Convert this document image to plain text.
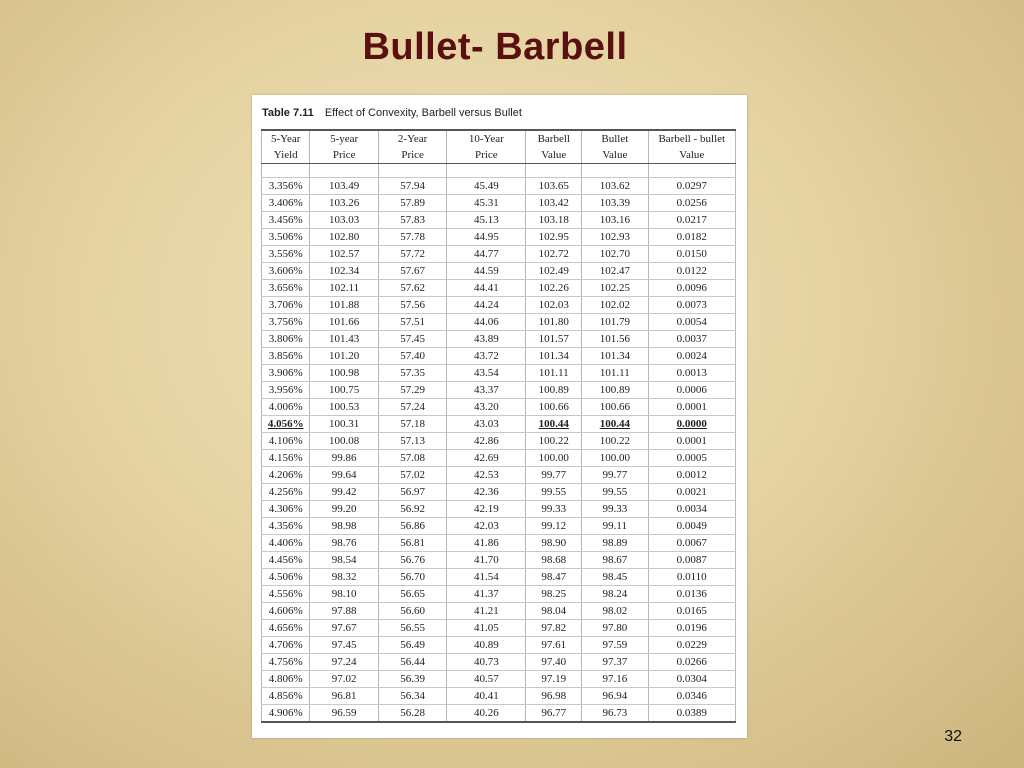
Bullet- Barbell
Table 7.11 Effect of Convexity, Barbell versus Bullet
5-Year	5-year	2-Year	10-Year	Barbell	Bullet	Barbell - bullet
Yield	Price	Price	Price	Value	Value	Value

3.356%	103.49	57.94	45.49	103.65	103.62	0.0297
3.406%	103.26	57.89	45.31	103.42	103.39	0.0256
3.456%	103.03	57.83	45.13	103.18	103.16	0.0217
3.506%	102.80	57.78	44.95	102.95	102.93	0.0182
3.556%	102.57	57.72	44.77	102.72	102.70	0.0150
3.606%	102.34	57.67	44.59	102.49	102.47	0.0122
3.656%	102.11	57.62	44.41	102.26	102.25	0.0096
3.706%	101.88	57.56	44.24	102.03	102.02	0.0073
3.756%	101.66	57.51	44.06	101.80	101.79	0.0054
3.806%	101.43	57.45	43.89	101.57	101.56	0.0037
3.856%	101.20	57.40	43.72	101.34	101.34	0.0024
3.906%	100.98	57.35	43.54	101.11	101.11	0.0013
3.956%	100.75	57.29	43.37	100.89	100.89	0.0006
4.006%	100.53	57.24	43.20	100.66	100.66	0.0001
4.056%	100.31	57.18	43.03	100.44	100.44	0.0000
4.106%	100.08	57.13	42.86	100.22	100.22	0.0001
4.156%	99.86	57.08	42.69	100.00	100.00	0.0005
4.206%	99.64	57.02	42.53	99.77	99.77	0.0012
4.256%	99.42	56.97	42.36	99.55	99.55	0.0021
4.306%	99.20	56.92	42.19	99.33	99.33	0.0034
4.356%	98.98	56.86	42.03	99.12	99.11	0.0049
4.406%	98.76	56.81	41.86	98.90	98.89	0.0067
4.456%	98.54	56.76	41.70	98.68	98.67	0.0087
4.506%	98.32	56.70	41.54	98.47	98.45	0.0110
4.556%	98.10	56.65	41.37	98.25	98.24	0.0136
4.606%	97.88	56.60	41.21	98.04	98.02	0.0165
4.656%	97.67	56.55	41.05	97.82	97.80	0.0196
4.706%	97.45	56.49	40.89	97.61	97.59	0.0229
4.756%	97.24	56.44	40.73	97.40	97.37	0.0266
4.806%	97.02	56.39	40.57	97.19	97.16	0.0304
4.856%	96.81	56.34	40.41	96.98	96.94	0.0346
4.906%	96.59	56.28	40.26	96.77	96.73	0.0389
32
